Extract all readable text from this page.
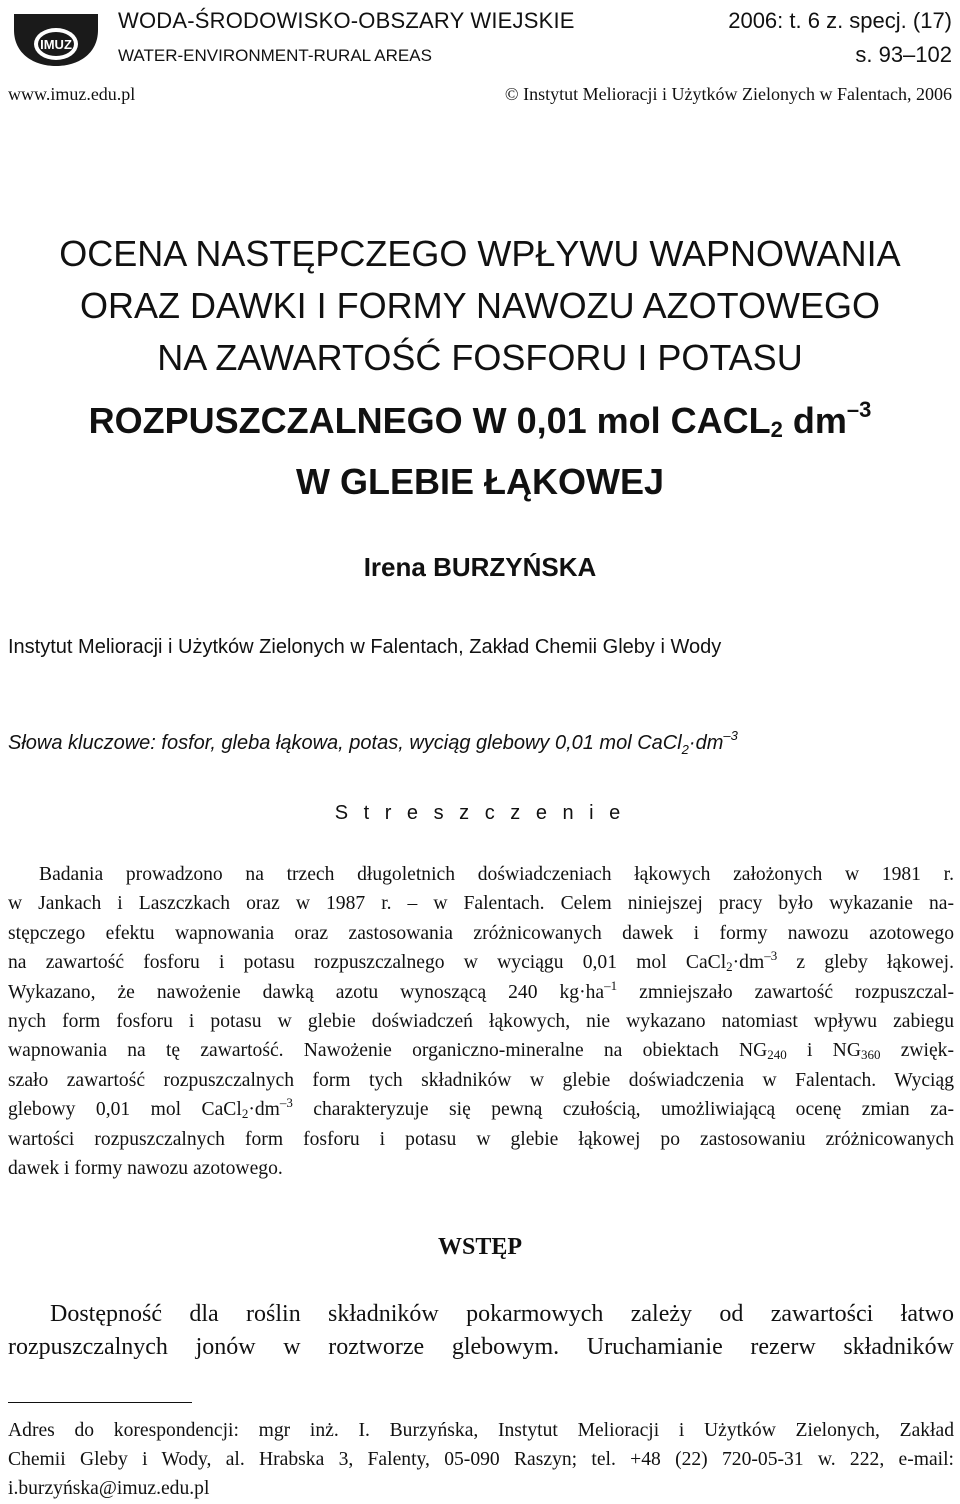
IMUZ
WODA-ŚRODOWISKO-OBSZARY WIEJSKIE
WATER-ENVIRONMENT-RURAL AREAS
2006: t. 6 z. specj. (17)
s. 93–102
www.imuz.edu.pl	© Instytut Melioracji i Użytków Zielonych w Falentach, 2006
OCENA NASTĘPCZEGO WPŁYWU WAPNOWANIA
ORAZ DAWKI I FORMY NAWOZU AZOTOWEGO
NA ZAWARTOŚĆ FOSFORU I POTASU
ROZPUSZCZALNEGO W 0,01 mol $CACL_2$ $dm^{-3}$
W GLEBIE ŁĄKOWEJ
Irena BURZYŃSKA
Instytut Melioracji i Użytków Zielonych w Falentach, Zakład Chemii Gleby i Wody
Słowa kluczowe: fosfor, gleba łąkowa, potas, wyciąg glebowy 0,01 mol $CaCl_2\cdot dm^{-3}$
S t r e s z c z e n i e
Badania prowadzono na trzech długoletnich doświadczeniach łąkowych założonych w 1981 r.
w Jankach i Laszczkach oraz w 1987 r. – w Falentach. Celem niniejszej pracy było wykazanie na-
stępczego efektu wapnowania oraz zastosowania zróżnicowanych dawek i formy nawozu azotowego
na zawartość fosforu i potasu rozpuszczalnego w wyciągu 0,01 mol $CaCl_2\cdot dm^{-3}$ z gleby łąkowej.
Wykazano, że nawożenie dawką azotu wynoszącą 240 $kg\cdot ha^{-1}$ zmniejszało zawartość rozpuszczal-
nych form fosforu i potasu w glebie doświadczeń łąkowych, nie wykazano natomiast wpływu zabiegu
wapnowania na tę zawartość. Nawożenie organiczno-mineralne na obiektach $NG_{240}$ i $NG_{360}$ zwięk-
szało zawartość rozpuszczalnych form tych składników w glebie doświadczenia w Falentach. Wyciąg
glebowy 0,01 mol $CaCl_2\cdot dm^{-3}$ charakteryzuje się pewną czułością, umożliwiającą ocenę zmian za-
wartości rozpuszczalnych form fosforu i potasu w glebie łąkowej po zastosowaniu zróżnicowanych
dawek i formy nawozu azotowego.
WSTĘP
Dostępność dla roślin składników pokarmowych zależy od zawartości łatwo
rozpuszczalnych jonów w roztworze glebowym. Uruchamianie rezerw składników
Adres do korespondencji: mgr inż. I. Burzyńska, Instytut Melioracji i Użytków Zielonych, Zakład
Chemii Gleby i Wody, al. Hrabska 3, Falenty, 05-090 Raszyn; tel. +48 (22) 720-05-31 w. 222, e-mail:
i.burzyńska@imuz.edu.pl
